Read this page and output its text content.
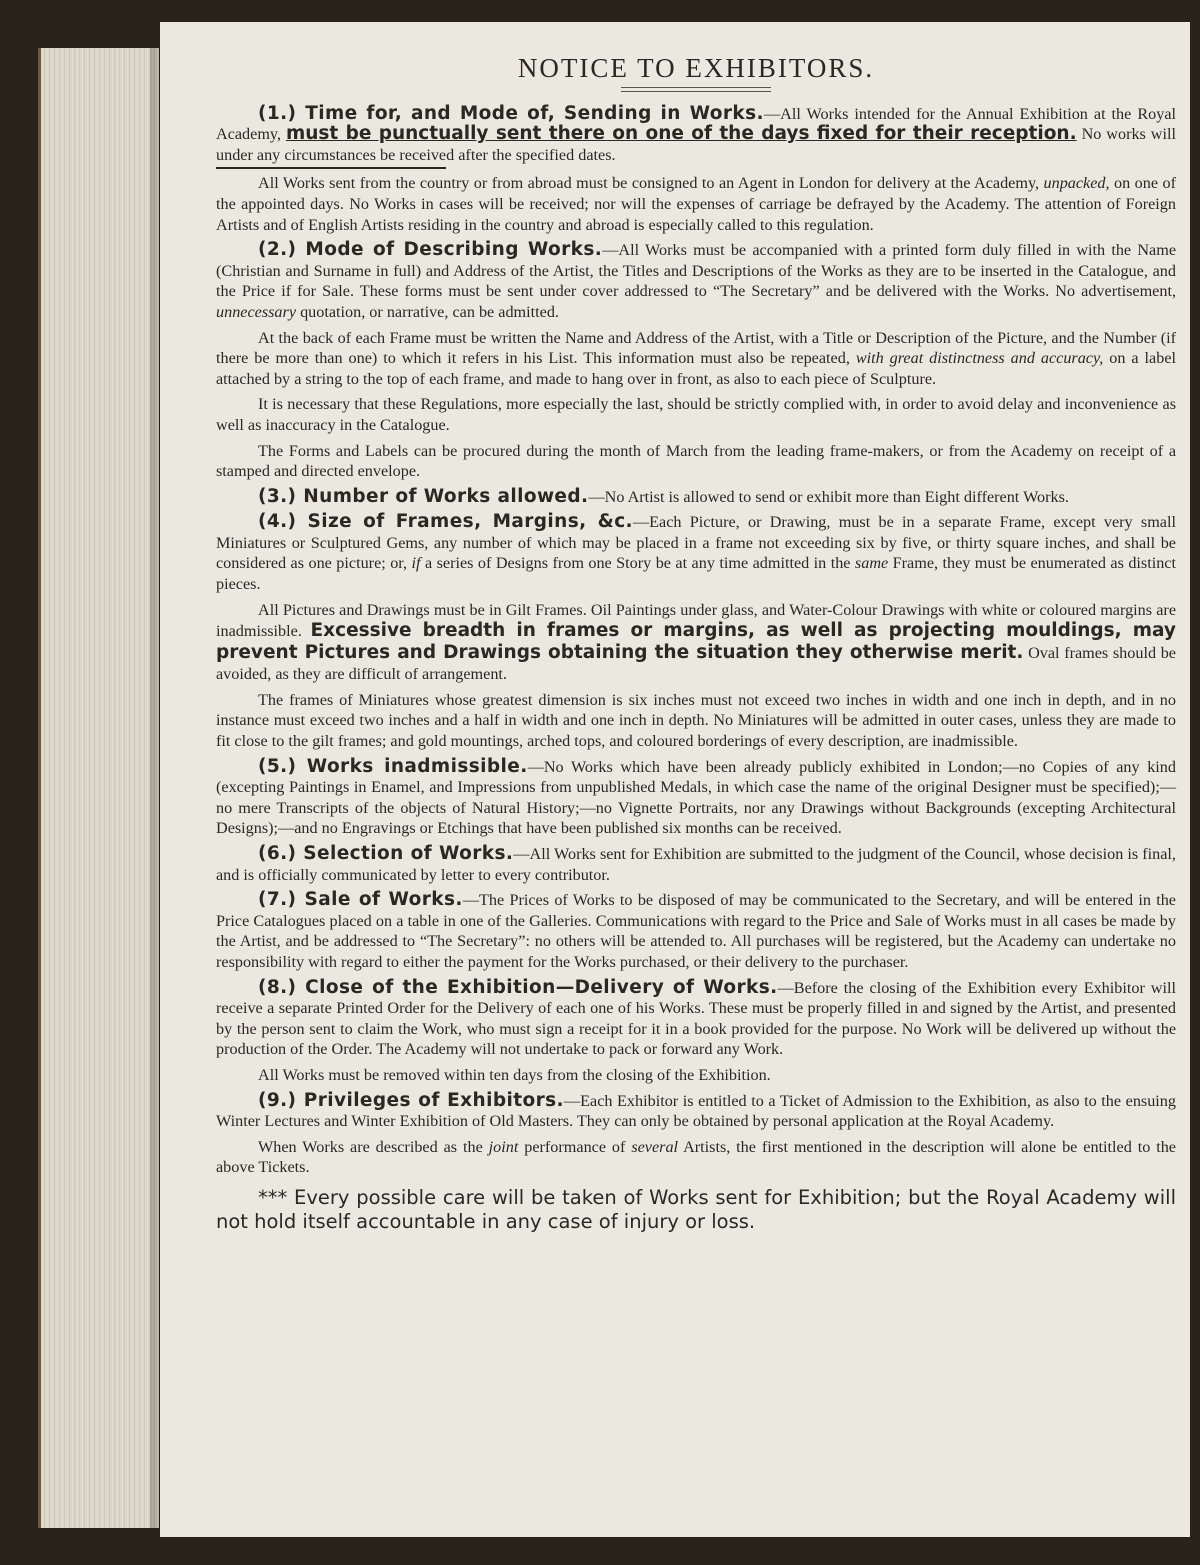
NOTICE TO EXHIBITORS.

(1.) Time for, and Mode of, Sending in Works.—All Works intended for the Annual Exhibition at the Royal Academy, must be punctually sent there on one of the days fixed for their reception. No works will under any circumstances be received after the specified dates.

All Works sent from the country or from abroad must be consigned to an Agent in London for delivery at the Academy, unpacked, on one of the appointed days. No Works in cases will be received; nor will the expenses of carriage be defrayed by the Academy. The attention of Foreign Artists and of English Artists residing in the country and abroad is especially called to this regulation.

(2.) Mode of Describing Works.—All Works must be accompanied with a printed form duly filled in with the Name (Christian and Surname in full) and Address of the Artist, the Titles and Descriptions of the Works as they are to be inserted in the Catalogue, and the Price if for Sale. These forms must be sent under cover addressed to “The Secretary” and be delivered with the Works. No advertisement, unnecessary quotation, or narrative, can be admitted.

At the back of each Frame must be written the Name and Address of the Artist, with a Title or Description of the Picture, and the Number (if there be more than one) to which it refers in his List. This information must also be repeated, with great distinctness and accuracy, on a label attached by a string to the top of each frame, and made to hang over in front, as also to each piece of Sculpture.

It is necessary that these Regulations, more especially the last, should be strictly complied with, in order to avoid delay and inconvenience as well as inaccuracy in the Catalogue.

The Forms and Labels can be procured during the month of March from the leading frame-makers, or from the Academy on receipt of a stamped and directed envelope.

(3.) Number of Works allowed.—No Artist is allowed to send or exhibit more than Eight different Works.

(4.) Size of Frames, Margins, &c.—Each Picture, or Drawing, must be in a separate Frame, except very small Miniatures or Sculptured Gems, any number of which may be placed in a frame not exceeding six by five, or thirty square inches, and shall be considered as one picture; or, if a series of Designs from one Story be at any time admitted in the same Frame, they must be enumerated as distinct pieces.

All Pictures and Drawings must be in Gilt Frames. Oil Paintings under glass, and Water-Colour Drawings with white or coloured margins are inadmissible. Excessive breadth in frames or margins, as well as projecting mouldings, may prevent Pictures and Drawings obtaining the situation they otherwise merit. Oval frames should be avoided, as they are difficult of arrangement.

The frames of Miniatures whose greatest dimension is six inches must not exceed two inches in width and one inch in depth, and in no instance must exceed two inches and a half in width and one inch in depth. No Miniatures will be admitted in outer cases, unless they are made to fit close to the gilt frames; and gold mountings, arched tops, and coloured borderings of every description, are inadmissible.

(5.) Works inadmissible.—No Works which have been already publicly exhibited in London;—no Copies of any kind (excepting Paintings in Enamel, and Impressions from unpublished Medals, in which case the name of the original Designer must be specified);—no mere Transcripts of the objects of Natural History;—no Vignette Portraits, nor any Drawings without Backgrounds (excepting Architectural Designs);—and no Engravings or Etchings that have been published six months can be received.

(6.) Selection of Works.—All Works sent for Exhibition are submitted to the judgment of the Council, whose decision is final, and is officially communicated by letter to every contributor.

(7.) Sale of Works.—The Prices of Works to be disposed of may be communicated to the Secretary, and will be entered in the Price Catalogues placed on a table in one of the Galleries. Communications with regard to the Price and Sale of Works must in all cases be made by the Artist, and be addressed to “The Secretary”: no others will be attended to. All purchases will be registered, but the Academy can undertake no responsibility with regard to either the payment for the Works purchased, or their delivery to the purchaser.

(8.) Close of the Exhibition—Delivery of Works.—Before the closing of the Exhibition every Exhibitor will receive a separate Printed Order for the Delivery of each one of his Works. These must be properly filled in and signed by the Artist, and presented by the person sent to claim the Work, who must sign a receipt for it in a book provided for the purpose. No Work will be delivered up without the production of the Order. The Academy will not undertake to pack or forward any Work.

All Works must be removed within ten days from the closing of the Exhibition.

(9.) Privileges of Exhibitors.—Each Exhibitor is entitled to a Ticket of Admission to the Exhibition, as also to the ensuing Winter Lectures and Winter Exhibition of Old Masters. They can only be obtained by personal application at the Royal Academy.

When Works are described as the joint performance of several Artists, the first mentioned in the description will alone be entitled to the above Tickets.

*** Every possible care will be taken of Works sent for Exhibition; but the Royal Academy will not hold itself accountable in any case of injury or loss.
